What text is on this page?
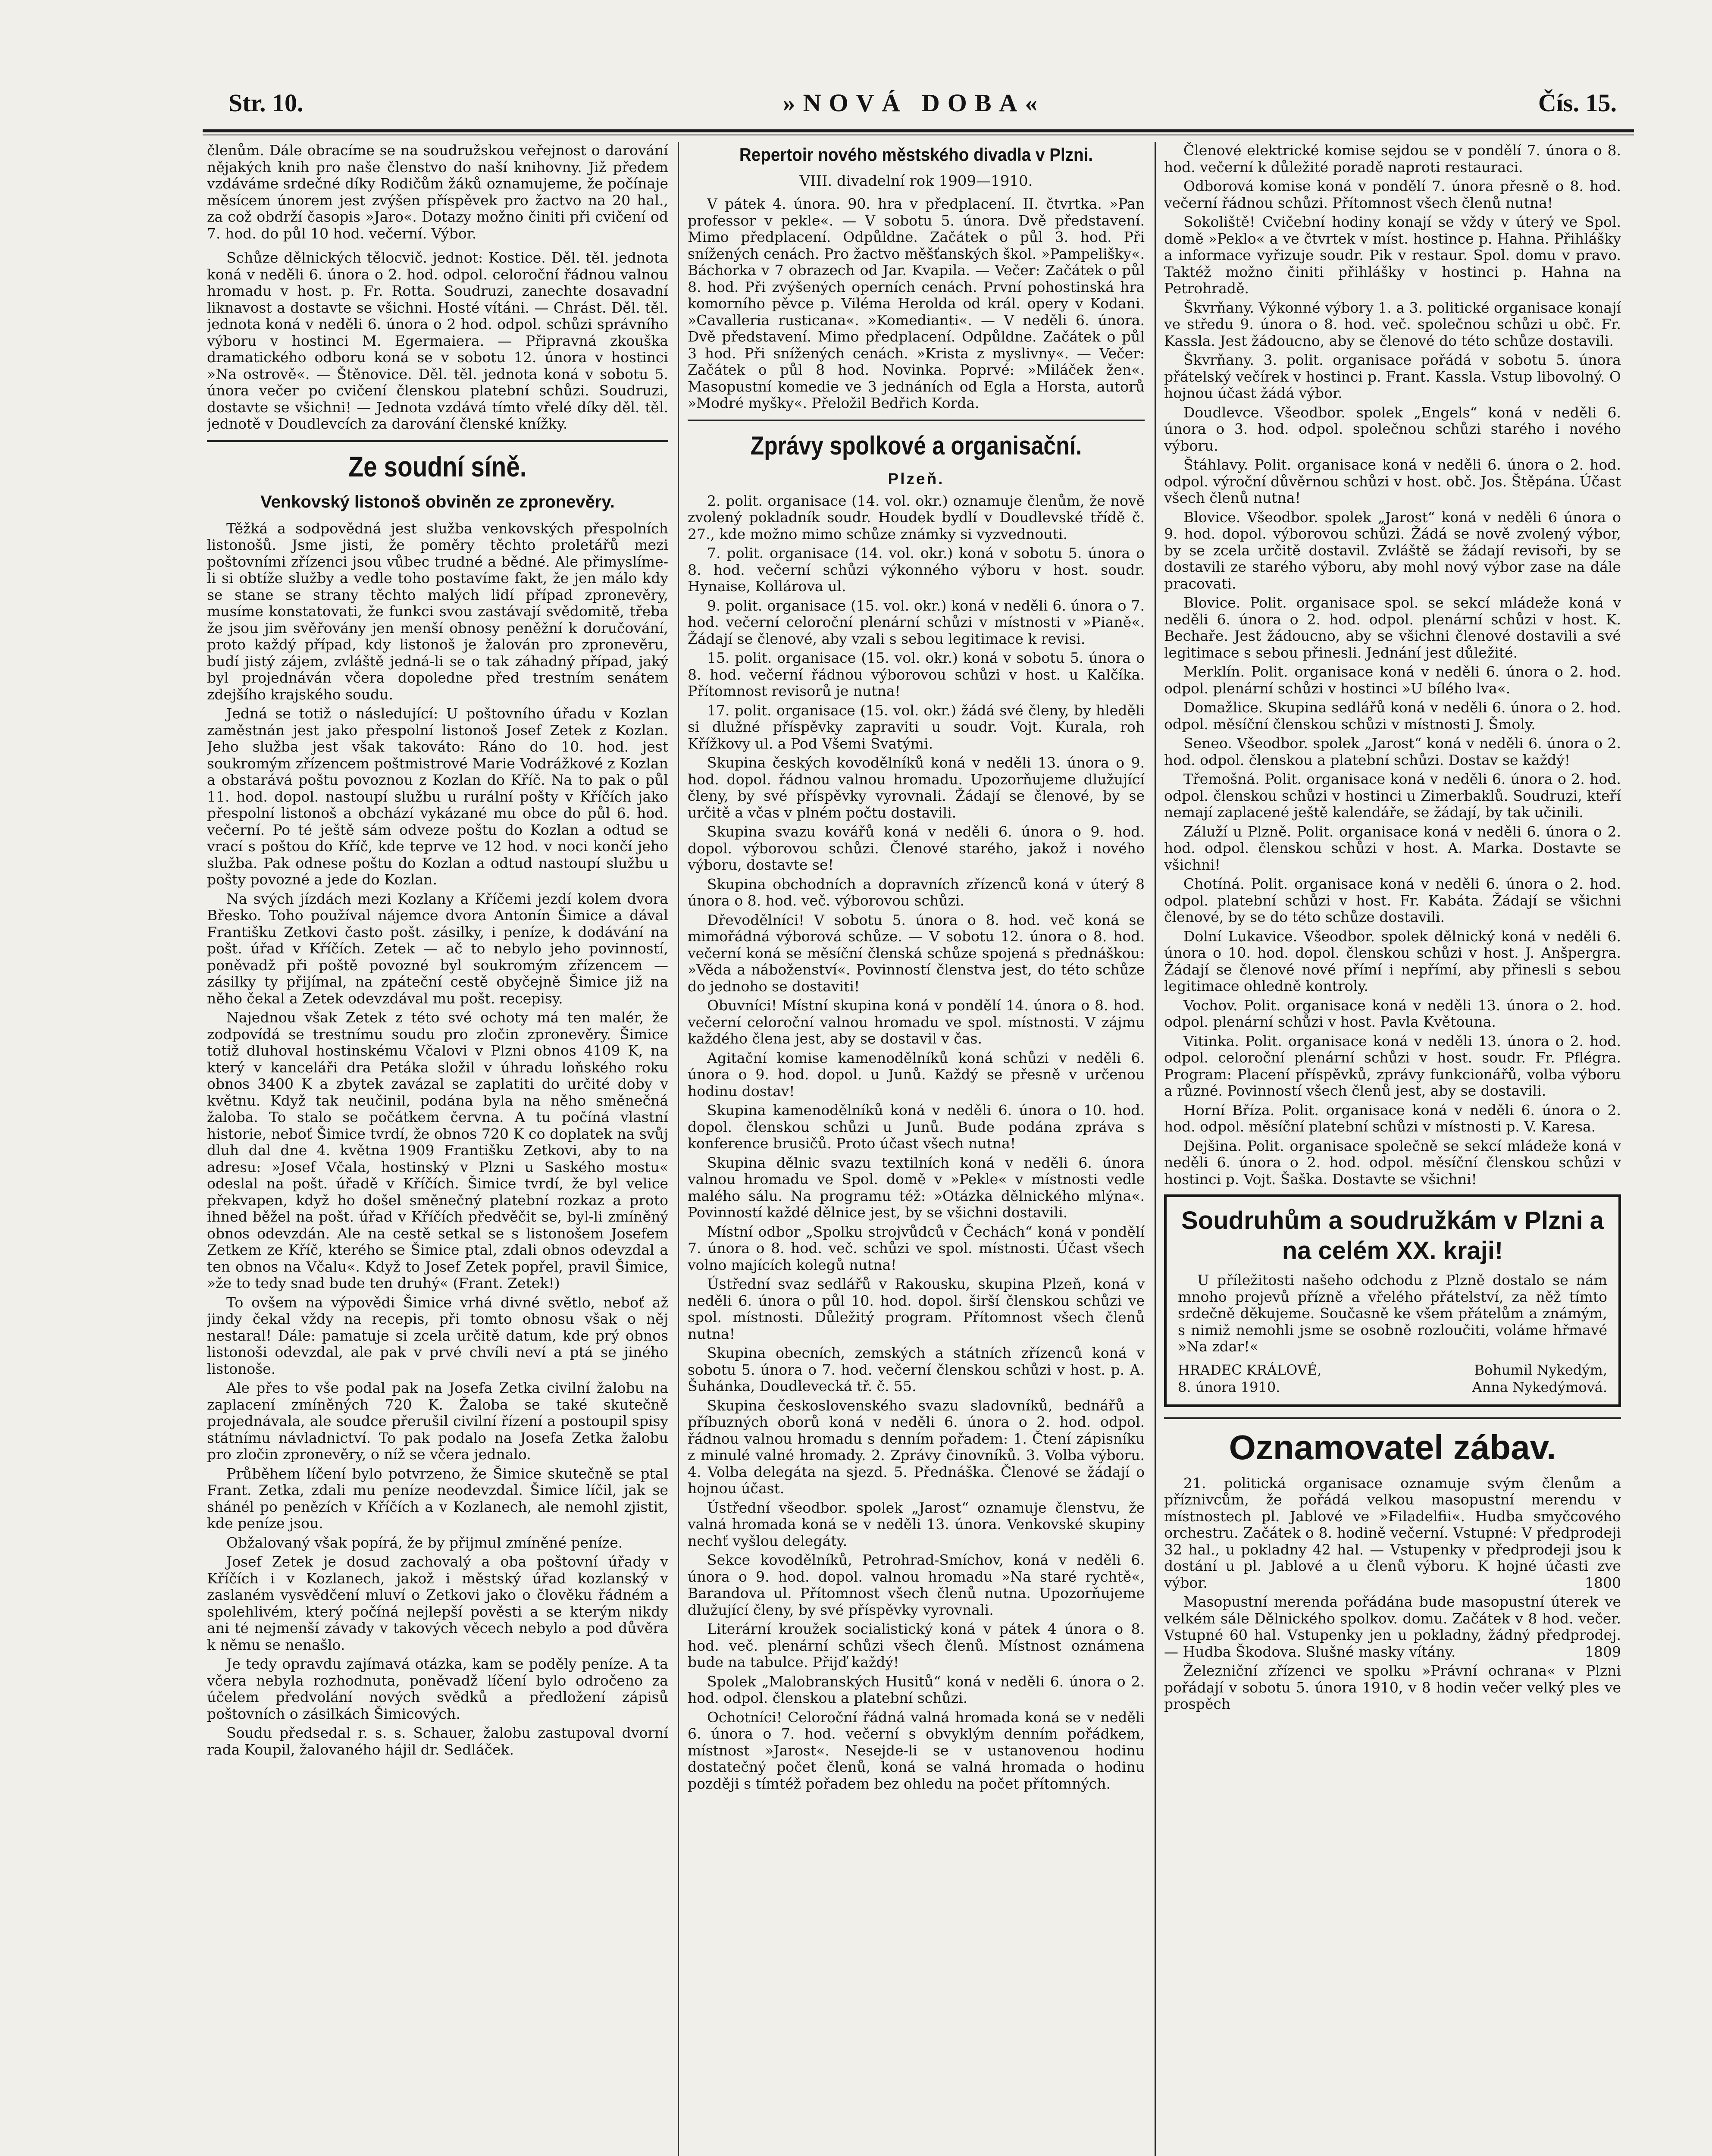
Str. 10.	»NOVÁ DOBA«	Čís. 15.

členům. Dále obracíme se na soudružskou veřejnost o darování nějakých knih pro naše členstvo do naší knihovny. Již předem vzdáváme srdečné díky Rodičům žáků oznamujeme, že počínaje měsícem únorem jest zvýšen příspěvek pro žactvo na 20 hal., za což obdrží časopis »Jaro«. Dotazy možno činiti při cvičení od 7. hod. do půl 10 hod. večerní. Výbor.

Schůze dělnických tělocvič. jednot: Kostice. Děl. těl. jednota koná v neděli 6. února o 2. hod. odpol. celoroční řádnou valnou hromadu v host. p. Fr. Rotta. Soudruzi, zanechte dosavadní liknavost a dostavte se všichni. Hosté vítáni. — Chrást. Děl. těl. jednota koná v neděli 6. února o 2 hod. odpol. schůzi správního výboru v hostinci M. Egermaiera. — Připravná zkouška dramatického odboru koná se v sobotu 12. února v hostinci »Na ostrově«. — Štěnovice. Děl. těl. jednota koná v sobotu 5. února večer po cvičení členskou platební schůzi. Soudruzi, dostavte se všichni! — Jednota vzdává tímto vřelé díky děl. těl. jednotě v Doudlevcích za darování členské knížky.

Ze soudní síně.
Venkovský listonoš obviněn ze zpronevěry.

Těžká a sodpovědná jest služba venkovských přespolních listonošů. Jsme jisti, že poměry těchto proletářů mezi poštovními zřízenci jsou vůbec trudné a bědné. Ale přimyslíme-li si obtíže služby a vedle toho postavíme fakt, že jen málo kdy se stane se strany těchto malých lidí případ zpronevěry, musíme konstatovati, že funkci svou zastávají svědomitě, třeba že jsou jim svěřovány jen menší obnosy peněžní k doručování, proto každý případ, kdy listonoš je žalován pro zpronevěru, budí jistý zájem, zvláště jedná-li se o tak záhadný případ, jaký byl projednáván včera dopoledne před trestním senátem zdejšího krajského soudu.

Jedná se totiž o následující: U poštovního úřadu v Kozlan zaměstnán jest jako přespolní listonoš Josef Zetek z Kozlan. Jeho služba jest však takováto: Ráno do 10. hod. jest soukromým zřízencem poštmistrové Marie Vodrážkové z Kozlan a obstarává poštu povoznou z Kozlan do Kříč. Na to pak o půl 11. hod. dopol. nastoupí službu u rurální pošty v Kříčích jako přespolní listonoš a obchází vykázané mu obce do půl 6. hod. večerní. Po té ještě sám odveze poštu do Kozlan a odtud se vrací s poštou do Kříč, kde teprve ve 12 hod. v noci končí jeho služba. Pak odnese poštu do Kozlan a odtud nastoupí službu u pošty povozné a jede do Kozlan.

Na svých jízdách mezi Kozlany a Kříčemi jezdí kolem dvora Břesko. Toho používal nájemce dvora Antonín Šimice a dával Františku Zetkovi často pošt. zásilky, i peníze, k dodávání na pošt. úřad v Kříčích. Zetek — ač to nebylo jeho povinností, poněvadž při poště povozné byl soukromým zřízencem — zásilky ty přijímal, na zpáteční cestě obyčejně Šimice již na něho čekal a Zetek odevzdával mu pošt. recepisy.

Najednou však Zetek z této své ochoty má ten malér, že zodpovídá se trestnímu soudu pro zločin zpronevěry. Šimice totiž dluhoval hostinskému Včalovi v Plzni obnos 4109 K, na který v kanceláři dra Petáka složil v úhradu loňského roku obnos 3400 K a zbytek zavázal se zaplatiti do určité doby v květnu. Když tak neučinil, podána byla na něho směnečná žaloba. To stalo se počátkem června. A tu počíná vlastní historie, neboť Šimice tvrdí, že obnos 720 K co doplatek na svůj dluh dal dne 4. května 1909 Františku Zetkovi, aby to na adresu: »Josef Včala, hostinský v Plzni u Saského mostu« odeslal na pošt. úřadě v Kříčích. Šimice tvrdí, že byl velice překvapen, když ho došel směnečný platební rozkaz a proto ihned běžel na pošt. úřad v Kříčích předvěčit se, byl-li zmíněný obnos odevzdán. Ale na cestě setkal se s listonošem Josefem Zetkem ze Kříč, kterého se Šimice ptal, zdali obnos odevzdal a ten obnos na Včalu«. Když to Josef Zetek popřel, pravil Šimice, »že to tedy snad bude ten druhý« (Frant. Zetek!)

To ovšem na výpovědi Šimice vrhá divné světlo, neboť až jindy čekal vždy na recepis, při tomto obnosu však o něj nestaral! Dále: pamatuje si zcela určitě datum, kde prý obnos listonoši odevzdal, ale pak v prvé chvíli neví a ptá se jiného listonoše.

Ale přes to vše podal pak na Josefa Zetka civilní žalobu na zaplacení zmíněných 720 K. Žaloba se také skutečně projednávala, ale soudce přerušil civilní řízení a postoupil spisy státnímu návladnictví. To pak podalo na Josefa Zetka žalobu pro zločin zpronevěry, o níž se včera jednalo.

Průběhem líčení bylo potvrzeno, že Šimice skutečně se ptal Frant. Zetka, zdali mu peníze neodevzdal. Šimice líčil, jak se shánél po penězích v Kříčích a v Kozlanech, ale nemohl zjistit, kde peníze jsou.

Obžalovaný však popírá, že by přijmul zmíněné peníze.

Josef Zetek je dosud zachovalý a oba poštovní úřady v Kříčích i v Kozlanech, jakož i městský úřad kozlanský v zaslaném vysvědčení mluví o Zetkovi jako o člověku řádném a spolehlivém, který počíná nejlepší pověsti a se kterým nikdy ani té nejmenší závady v takových věcech nebylo a pod důvěra k němu se nenašlo.

Je tedy opravdu zajímavá otázka, kam se poděly peníze. A ta včera nebyla rozhodnuta, poněvadž líčení bylo odročeno za účelem předvolání nových svědků a předložení zápisů poštovních o zásilkách Šimicových.

Soudu předsedal r. s. s. Schauer, žalobu zastupoval dvorní rada Koupil, žalovaného hájil dr. Sedláček.

Repertoir nového městského divadla v Plzni.
VIII. divadelní rok 1909—1910.

V pátek 4. února. 90. hra v předplacení. II. čtvrtka. »Pan professor v pekle«. — V sobotu 5. února. Dvě představení. Mimo předplacení. Odpůldne. Začátek o půl 3. hod. Při snížených cenách. Pro žactvo měšťanských škol. »Pampelišky«. Báchorka v 7 obrazech od Jar. Kvapila. — Večer: Začátek o půl 8. hod. Při zvýšených operních cenách. První pohostinská hra komorního pěvce p. Viléma Herolda od král. opery v Kodani. »Cavalleria rusticana«. »Komedianti«. — V neděli 6. února. Dvě představení. Mimo předplacení. Odpůldne. Začátek o půl 3 hod. Při snížených cenách. »Krista z myslivny«. — Večer: Začátek o půl 8 hod. Novinka. Poprvé: »Miláček žen«. Masopustní komedie ve 3 jednáních od Egla a Horsta, autorů »Modré myšky«. Přeložil Bedřich Korda.

Zprávy spolkové a organisační.
Plzeň.

2. polit. organisace (14. vol. okr.) oznamuje členům, že nově zvolený pokladník soudr. Houdek bydlí v Doudlevské třídě č. 27., kde možno mimo schůze známky si vyzvednouti.

7. polit. organisace (14. vol. okr.) koná v sobotu 5. února o 8. hod. večerní schůzi výkonného výboru v host. soudr. Hynaise, Kollárova ul.

9. polit. organisace (15. vol. okr.) koná v neděli 6. února o 7. hod. večerní celoroční plenární schůzi v místnosti v »Pianě«. Žádají se členové, aby vzali s sebou legitimace k revisi.

15. polit. organisace (15. vol. okr.) koná v sobotu 5. února o 8. hod. večerní řádnou výborovou schůzi v host. u Kalčíka. Přítomnost revisorů je nutna!

17. polit. organisace (15. vol. okr.) žádá své členy, by hleděli si dlužné příspěvky zapraviti u soudr. Vojt. Kurala, roh Křížkovy ul. a Pod Všemi Svatými.

Skupina českých kovodělníků koná v neděli 13. února o 9. hod. dopol. řádnou valnou hromadu. Upozorňujeme dlužující členy, by své příspěvky vyrovnali. Žádají se členové, by se určitě a včas v plném počtu dostavili.

Skupina svazu kovářů koná v neděli 6. února o 9. hod. dopol. výborovou schůzi. Členové starého, jakož i nového výboru, dostavte se!

Skupina obchodních a dopravních zřízenců koná v úterý 8 února o 8. hod. več. výborovou schůzi.

Dřevodělníci! V sobotu 5. února o 8. hod. več koná se mimořádná výborová schůze. — V sobotu 12. února o 8. hod. večerní koná se měsíční členská schůze spojená s přednáškou: »Věda a náboženství«. Povinností členstva jest, do této schůze do jednoho se dostaviti!

Obuvníci! Místní skupina koná v pondělí 14. února o 8. hod. večerní celoroční valnou hromadu ve spol. místnosti. V zájmu každého člena jest, aby se dostavil v čas.

Agitační komise kamenodělníků koná schůzi v neděli 6. února o 9. hod. dopol. u Junů. Každý se přesně v určenou hodinu dostav!

Skupina kamenodělníků koná v neděli 6. února o 10. hod. dopol. členskou schůzi u Junů. Bude podána zpráva s konference brusičů. Proto účast všech nutna!

Skupina dělnic svazu textilních koná v neděli 6. února valnou hromadu ve Spol. domě v »Pekle« v místnosti vedle malého sálu. Na programu též: »Otázka dělnického mlýna«. Povinností každé dělnice jest, by se všichni dostavili.

Místní odbor „Spolku strojvůdců v Čechách“ koná v pondělí 7. února o 8. hod. več. schůzi ve spol. místnosti. Účast všech volno majících kolegů nutna!

Ústřední svaz sedlářů v Rakousku, skupina Plzeň, koná v neděli 6. února o půl 10. hod. dopol. širší členskou schůzi ve spol. místnosti. Důležitý program. Přítomnost všech členů nutna!

Skupina obecních, zemských a státních zřízenců koná v sobotu 5. února o 7. hod. večerní členskou schůzi v host. p. A. Šuhánka, Doudlevecká tř. č. 55.

Skupina československého svazu sladovníků, bednářů a příbuzných oborů koná v neděli 6. února o 2. hod. odpol. řádnou valnou hromadu s denním pořadem: 1. Čtení zápisníku z minulé valné hromady. 2. Zprávy činovníků. 3. Volba výboru. 4. Volba delegáta na sjezd. 5. Přednáška. Členové se žádají o hojnou účast.

Ústřední všeodbor. spolek „Jarost“ oznamuje členstvu, že valná hromada koná se v neděli 13. února. Venkovské skupiny nechť vyšlou delegáty.

Sekce kovodělníků, Petrohrad-Smíchov, koná v neděli 6. února o 9. hod. dopol. valnou hromadu »Na staré rychtě«, Barandova ul. Přítomnost všech členů nutna. Upozorňujeme dlužující členy, by své příspěvky vyrovnali.

Literární kroužek socialistický koná v pátek 4 února o 8. hod. več. plenární schůzi všech členů. Místnost oznámena bude na tabulce. Přijď každý!

Spolek „Malobranských Husitů“ koná v neděli 6. února o 2. hod. odpol. členskou a platební schůzi.

Ochotníci! Celoroční řádná valná hromada koná se v neděli 6. února o 7. hod. večerní s obvyklým denním pořádkem, místnost »Jarost«. Nesejde-li se v ustanovenou hodinu dostatečný počet členů, koná se valná hromada o hodinu později s tímtéž pořadem bez ohledu na počet přítomných.

Členové elektrické komise sejdou se v pondělí 7. února o 8. hod. večerní k důležité poradě naproti restauraci.

Odborová komise koná v pondělí 7. února přesně o 8. hod. večerní řádnou schůzi. Přítomnost všech členů nutna!

Sokoliště! Cvičební hodiny konají se vždy v úterý ve Spol. domě »Peklo« a ve čtvrtek v míst. hostince p. Hahna. Přihlášky a informace vyřizuje soudr. Pik v restaur. Spol. domu v pravo. Taktéž možno činiti přihlášky v hostinci p. Hahna na Petrohradě.

Škvrňany. Výkonné výbory 1. a 3. politické organisace konají ve středu 9. února o 8. hod. več. společnou schůzi u obč. Fr. Kassla. Jest žádoucno, aby se členové do této schůze dostavili.

Škvrňany. 3. polit. organisace pořádá v sobotu 5. února přátelský večírek v hostinci p. Frant. Kassla. Vstup libovolný. O hojnou účast žádá výbor.

Doudlevce. Všeodbor. spolek „Engels“ koná v neděli 6. února o 3. hod. odpol. společnou schůzi starého i nového výboru.

Štáhlavy. Polit. organisace koná v neděli 6. února o 2. hod. odpol. výroční důvěrnou schůzi v host. obč. Jos. Štěpána. Účast všech členů nutna!

Blovice. Všeodbor. spolek „Jarost“ koná v neděli 6 února o 9. hod. dopol. výborovou schůzi. Žádá se nově zvolený výbor, by se zcela určitě dostavil. Zvláště se žádají revisoři, by se dostavili ze starého výboru, aby mohl nový výbor zase na dále pracovati.

Blovice. Polit. organisace spol. se sekcí mládeže koná v neděli 6. února o 2. hod. odpol. plenární schůzi v host. K. Bechaře. Jest žádoucno, aby se všichni členové dostavili a své legitimace s sebou přinesli. Jednání jest důležité.

Merklín. Polit. organisace koná v neděli 6. února o 2. hod. odpol. plenární schůzi v hostinci »U bílého lva«.

Domažlice. Skupina sedlářů koná v neděli 6. února o 2. hod. odpol. měsíční členskou schůzi v místnosti J. Šmoly.

Seneo. Všeodbor. spolek „Jarost“ koná v neděli 6. února o 2. hod. odpol. členskou a platební schůzi. Dostav se každý!

Třemošná. Polit. organisace koná v neděli 6. února o 2. hod. odpol. členskou schůzi v hostinci u Zimerbaklů. Soudruzi, kteří nemají zaplacené ještě kalendáře, se žádají, by tak učinili.

Záluží u Plzně. Polit. organisace koná v neděli 6. února o 2. hod. odpol. členskou schůzi v host. A. Marka. Dostavte se všichni!

Chotíná. Polit. organisace koná v neděli 6. února o 2. hod. odpol. platební schůzi v host. Fr. Kabáta. Žádají se všichni členové, by se do této schůze dostavili.

Dolní Lukavice. Všeodbor. spolek dělnický koná v neděli 6. února o 10. hod. dopol. členskou schůzi v host. J. Anšpergra. Žádají se členové nové přímí i nepřímí, aby přinesli s sebou legitimace ohledně kontroly.

Vochov. Polit. organisace koná v neděli 13. února o 2. hod. odpol. plenární schůzi v host. Pavla Květouna.

Vitinka. Polit. organisace koná v neděli 13. února o 2. hod. odpol. celoroční plenární schůzi v host. soudr. Fr. Pflégra. Program: Placení příspěvků, zprávy funkcionářů, volba výboru a různé. Povinností všech členů jest, aby se dostavili.

Horní Bříza. Polit. organisace koná v neděli 6. února o 2. hod. odpol. měsíční platební schůzi v místnosti p. V. Karesa.

Dejšina. Polit. organisace společně se sekcí mládeže koná v neděli 6. února o 2. hod. odpol. měsíční členskou schůzi v hostinci p. Vojt. Šaška. Dostavte se všichni!

Soudruhům a soudružkám v Plzni a na celém XX. kraji!

U příležitosti našeho odchodu z Plzně dostalo se nám mnoho projevů přízně a vřelého přátelství, za něž tímto srdečně děkujeme. Současně ke všem přátelům a známým, s nimiž nemohli jsme se osobně rozloučiti, voláme hřmavé »Na zdar!«

HRADEC KRÁLOVÉ,	Bohumil Nykedým,
8. února 1910.	Anna Nykedýmová.
Oznamovatel zábav.

21. politická organisace oznamuje svým členům a příznivcům, že pořádá velkou masopustní merendu v místnostech pl. Jablové ve »Filadelfii«. Hudba smyčcového orchestru. Začátek o 8. hodině večerní. Vstupné: V předprodeji 32 hal., u pokladny 42 hal. — Vstupenky v předprodeji jsou k dostání u pl. Jablové a u členů výboru. K hojné účasti zve výbor.	1800

Masopustní merenda pořádána bude masopustní úterek ve velkém sále Dělnického spolkov. domu. Začátek v 8 hod. večer. Vstupné 60 hal. Vstupenky jen u pokladny, žádný předprodej. — Hudba Škodova. Slušné masky vítány.	1809

Železniční zřízenci ve spolku »Právní ochrana« v Plzni pořádají v sobotu 5. února 1910, v 8 hodin večer velký ples ve prospěch
